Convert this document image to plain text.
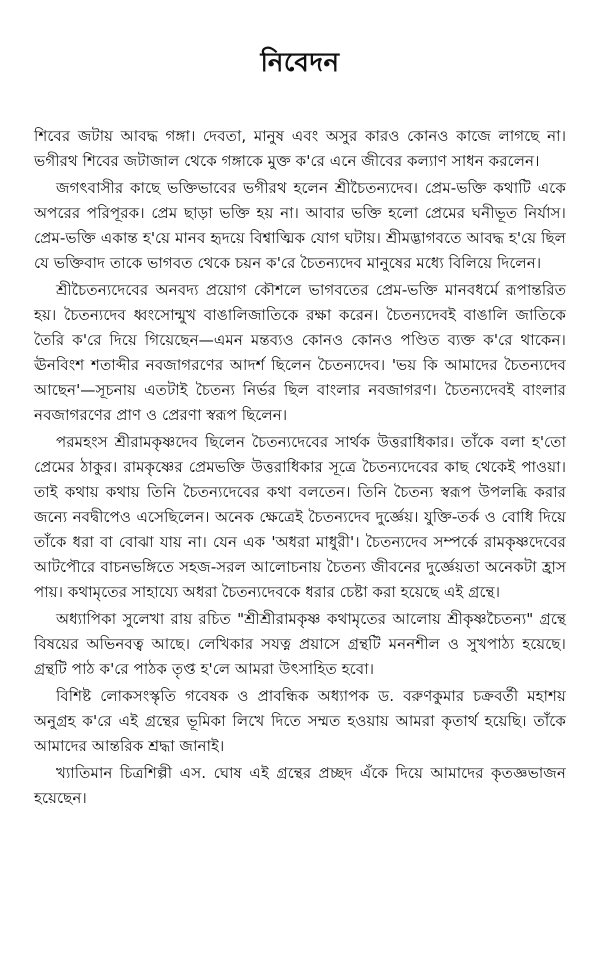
নিবেদন

শিবের জটায় আবদ্ধ গঙ্গা। দেবতা, মানুষ এবং অসুর কারও কোনও কাজে লাগছে না। ভগীরথ শিবের জটাজাল থেকে গঙ্গাকে মুক্ত ক'রে এনে জীবের কল্যাণ সাধন করলেন।

জগৎবাসীর কাছে ভক্তিভাবের ভগীরথ হলেন শ্রীচৈতন্যদেব। প্রেম-ভক্তি কথাটি একে অপরের পরিপূরক। প্রেম ছাড়া ভক্তি হয় না। আবার ভক্তি হলো প্রেমের ঘনীভূত নির্যাস। প্রেম-ভক্তি একান্ত হ'য়ে মানব হৃদয়ে বিশ্বাত্মিক যোগ ঘটায়। শ্রীমদ্ভাগবতে আবদ্ধ হ'য়ে ছিল যে ভক্তিবাদ তাকে ভাগবত থেকে চয়ন ক'রে চৈতন্যদেব মানুষের মধ্যে বিলিয়ে দিলেন।

শ্রীচৈতন্যদেবের অনবদ্য প্রয়োগ কৌশলে ভাগবতের প্রেম-ভক্তি মানবধর্মে রূপান্তরিত হয়। চৈতন্যদেব ধ্বংসোন্মুখ বাঙালিজাতিকে রক্ষা করেন। চৈতন্যদেবই বাঙালি জাতিকে তৈরি ক'রে দিয়ে গিয়েছেন—এমন মন্তব্যও কোনও কোনও পণ্ডিত ব্যক্ত ক'রে থাকেন। ঊনবিংশ শতাব্দীর নবজাগরণের আদর্শ ছিলেন চৈতন্যদেব। 'ভয় কি আমাদের চৈতন্যদেব আছেন'—সূচনায় এতটাই চৈতন্য নির্ভর ছিল বাংলার নবজাগরণ। চৈতন্যদেবই বাংলার নবজাগরণের প্রাণ ও প্রেরণা স্বরূপ ছিলেন।

পরমহংস শ্রীরামকৃষ্ণদেব ছিলেন চৈতন্যদেবের সার্থক উত্তরাধিকার। তাঁকে বলা হ'তো প্রেমের ঠাকুর। রামকৃষ্ণের প্রেমভক্তি উত্তরাধিকার সূত্রে চৈতন্যদেবের কাছ থেকেই পাওয়া। তাই কথায় কথায় তিনি চৈতন্যদেবের কথা বলতেন। তিনি চৈতন্য স্বরূপ উপলব্ধি করার জন্যে নবদ্বীপেও এসেছিলেন। অনেক ক্ষেত্রেই চৈতন্যদেব দুর্জ্ঞেয়। যুক্তি-তর্ক ও বোধি দিয়ে তাঁকে ধরা বা বোঝা যায় না। যেন এক 'অধরা মাধুরী'। চৈতন্যদেব সম্পর্কে রামকৃষ্ণদেবের আটপৌরে বাচনভঙ্গিতে সহজ-সরল আলোচনায় চৈতন্য জীবনের দুর্জ্ঞেয়তা অনেকটা হ্রাস পায়। কথামৃতের সাহায্যে অধরা চৈতন্যদেবকে ধরার চেষ্টা করা হয়েছে এই গ্রন্থে।

অধ্যাপিকা সুলেখা রায় রচিত "শ্রীশ্রীরামকৃষ্ণ কথামৃতের আলোয় শ্রীকৃষ্ণচৈতন্য" গ্রন্থে বিষয়ের অভিনবত্ব আছে। লেখিকার সযত্ন প্রয়াসে গ্রন্থটি মননশীল ও সুখপাঠ্য হয়েছে। গ্রন্থটি পাঠ ক'রে পাঠক তৃপ্ত হ'লে আমরা উৎসাহিত হবো।

বিশিষ্ট লোকসংস্কৃতি গবেষক ও প্রাবন্ধিক অধ্যাপক ড. বরুণকুমার চক্রবর্তী মহাশয় অনুগ্রহ ক'রে এই গ্রন্থের ভূমিকা লিখে দিতে সম্মত হওয়ায় আমরা কৃতার্থ হয়েছি। তাঁকে আমাদের আন্তরিক শ্রদ্ধা জানাই।

খ্যাতিমান চিত্রশিল্পী এস. ঘোষ এই গ্রন্থের প্রচ্ছদ এঁকে দিয়ে আমাদের কৃতজ্ঞভাজন হয়েছেন।
